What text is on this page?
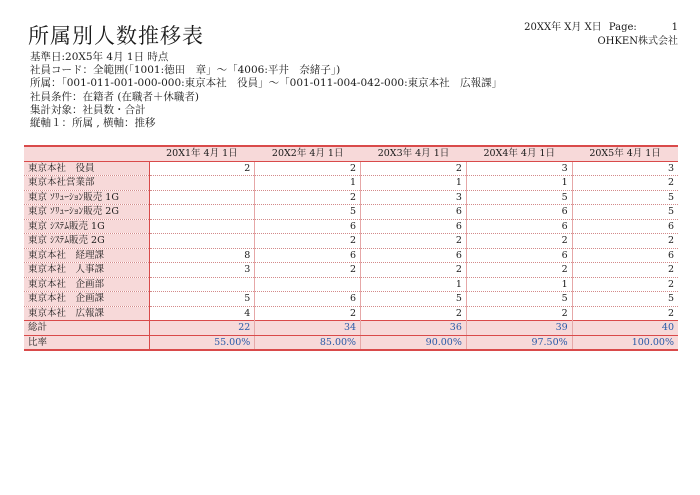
所属別人数推移表	20XX年 X月 X日 Page:	1
OHKEN株式会社
基準日:20X5年 4月 1日 時点
社員コード：全範囲(「1001:徳田　章」〜「4006:平井　奈緒子」)
所属：「001-011-001-000-000:東京本社　役員」〜「001-011-004-042-000:東京本社　広報課」
社員条件：在籍者 (在職者＋休職者)
集計対象：社員数・合計
縦軸１：所属 , 横軸：推移
	20X1年 4月 1日	20X2年 4月 1日	20X3年 4月 1日	20X4年 4月 1日	20X5年 4月 1日
東京本社　役員	2	2	2	3	3
東京本社営業部		1	1	1	2
東京 ｿﾘｭｰｼｮﾝ販売 1G		2	3	5	5
東京 ｿﾘｭｰｼｮﾝ販売 2G		5	6	6	5
東京 ｼｽﾃﾑ販売 1G		6	6	6	6
東京 ｼｽﾃﾑ販売 2G		2	2	2	2
東京本社　経理課	8	6	6	6	6
東京本社　人事課	3	2	2	2	2
東京本社　企画部			1	1	2
東京本社　企画課	5	6	5	5	5
東京本社　広報課	4	2	2	2	2
総計	22	34	36	39	40
比率	55.00%	85.00%	90.00%	97.50%	100.00%
